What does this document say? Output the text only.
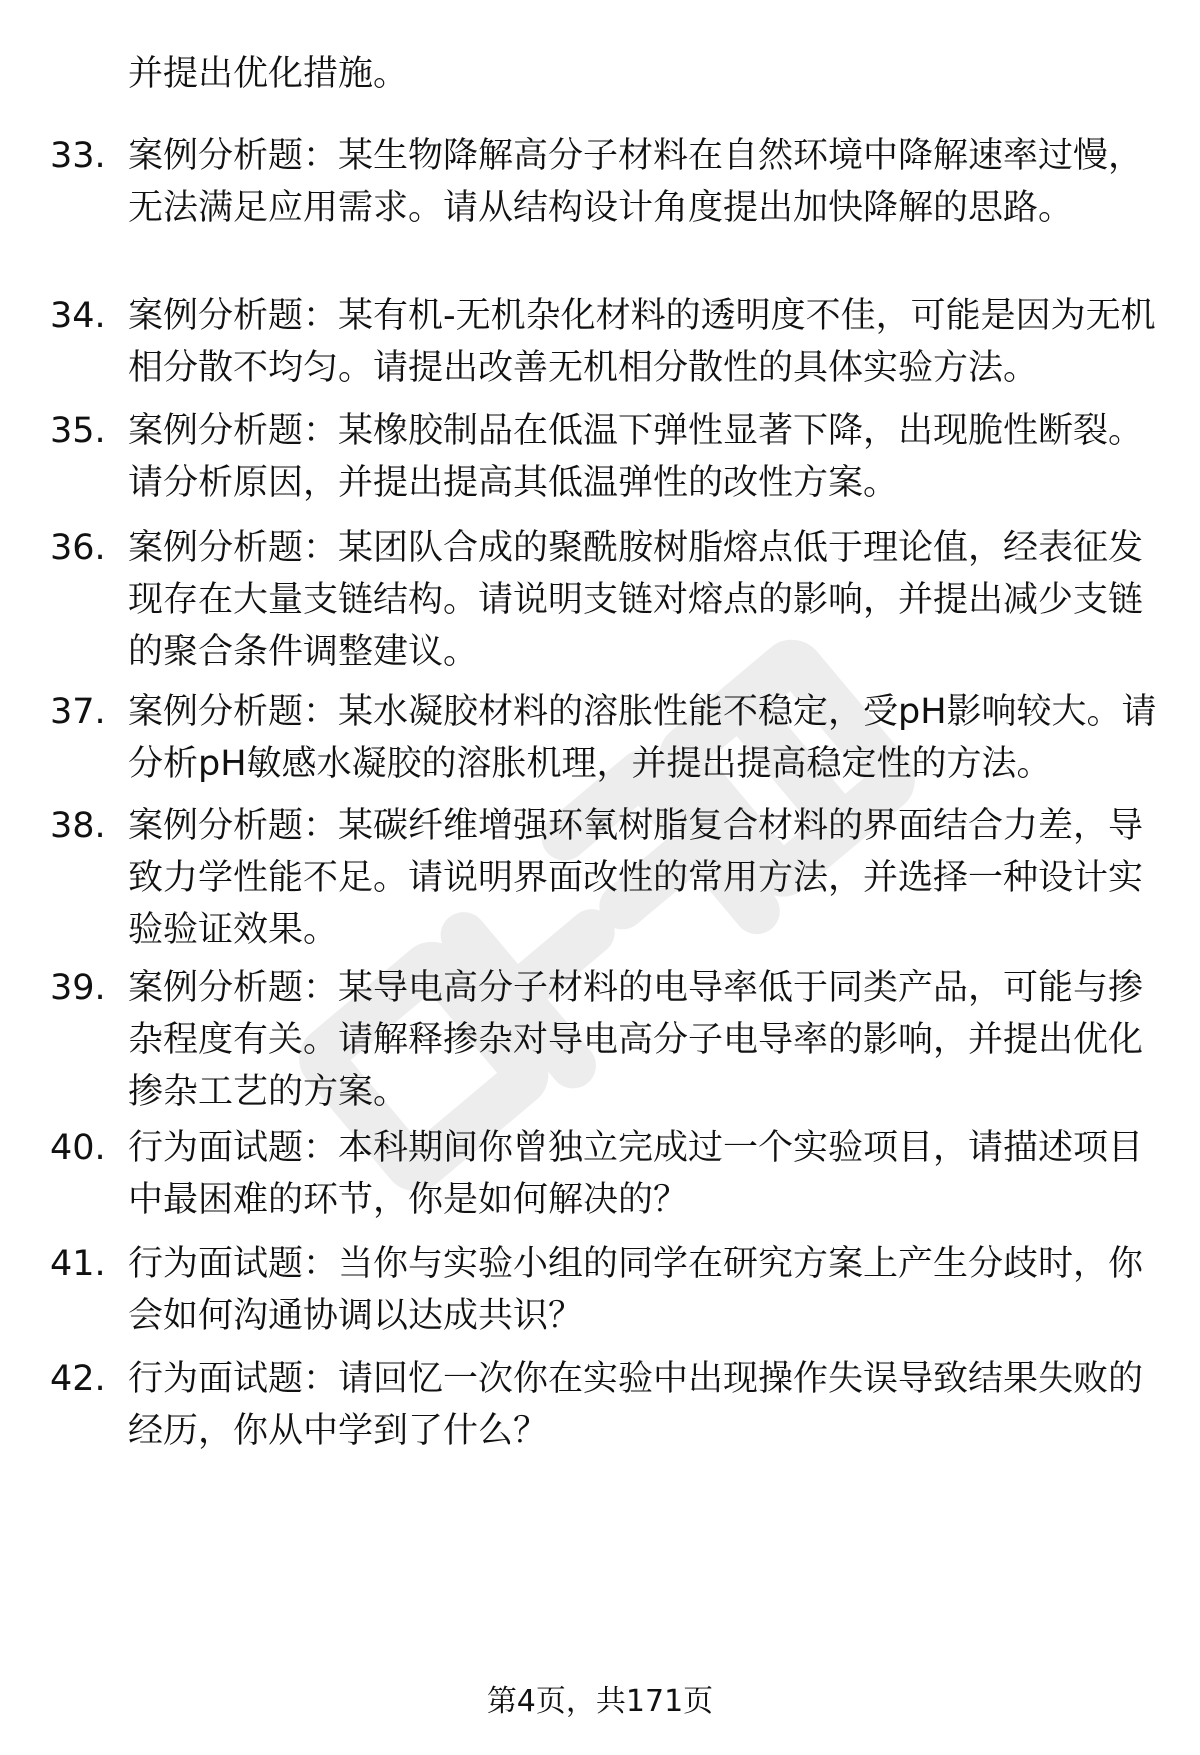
并提出优化措施。
33. 案例分析题：某生物降解高分子材料在自然环境中降解速率过慢，无法满足应用需求。请从结构设计角度提出加快降解的思路。
34. 案例分析题：某有机-无机杂化材料的透明度不佳，可能是因为无机相分散不均匀。请提出改善无机相分散性的具体实验方法。
35. 案例分析题：某橡胶制品在低温下弹性显著下降，出现脆性断裂。请分析原因，并提出提高其低温弹性的改性方案。
36. 案例分析题：某团队合成的聚酰胺树脂熔点低于理论值，经表征发现存在大量支链结构。请说明支链对熔点的影响，并提出减少支链的聚合条件调整建议。
37. 案例分析题：某水凝胶材料的溶胀性能不稳定，受pH影响较大。请分析pH敏感水凝胶的溶胀机理，并提出提高稳定性的方法。
38. 案例分析题：某碳纤维增强环氧树脂复合材料的界面结合力差，导致力学性能不足。请说明界面改性的常用方法，并选择一种设计实验验证效果。
39. 案例分析题：某导电高分子材料的电导率低于同类产品，可能与掺杂程度有关。请解释掺杂对导电高分子电导率的影响，并提出优化掺杂工艺的方案。
40. 行为面试题：本科期间你曾独立完成过一个实验项目，请描述项目中最困难的环节，你是如何解决的？
41. 行为面试题：当你与实验小组的同学在研究方案上产生分歧时，你会如何沟通协调以达成共识？
42. 行为面试题：请回忆一次你在实验中出现操作失误导致结果失败的经历，你从中学到了什么？
第4页，共171页
